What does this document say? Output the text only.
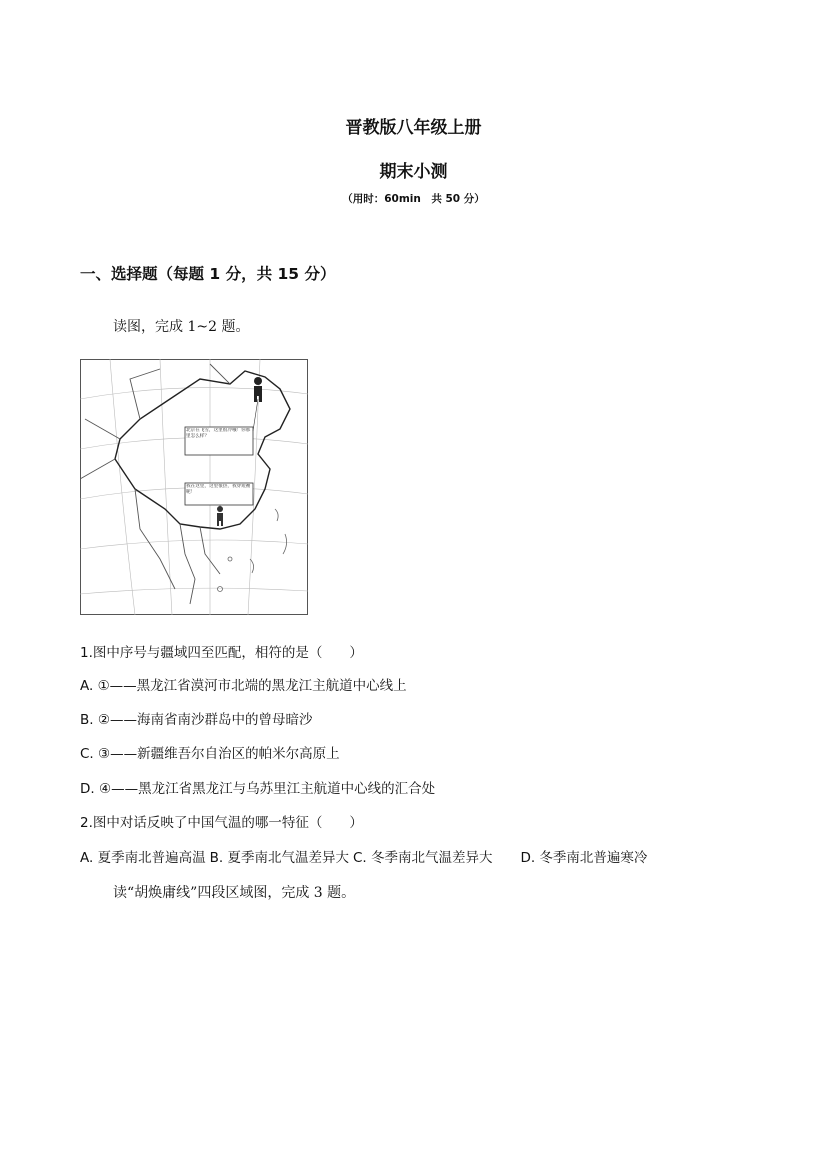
晋教版八年级上册
期末小测
（用时：60min　共 50 分）
一、选择题（每题 1 分，共 15 分）
读图，完成 1~2 题。
北京在飞雪，这里很冷哦！你那里怎么样？
我在这里，这里很热，我穿短袖呢！
1.图中序号与疆域四至匹配，相符的是（　　）
A. ①——黑龙江省漠河市北端的黑龙江主航道中心线上
B. ②——海南省南沙群岛中的曾母暗沙
C. ③——新疆维吾尔自治区的帕米尔高原上
D. ④——黑龙江省黑龙江与乌苏里江主航道中心线的汇合处
2.图中对话反映了中国气温的哪一特征（　　）
A. 夏季南北普遍高温 B. 夏季南北气温差异大 C. 冬季南北气温差异大 D. 冬季南北普遍寒冷
读“胡焕庸线”四段区域图，完成 3 题。
